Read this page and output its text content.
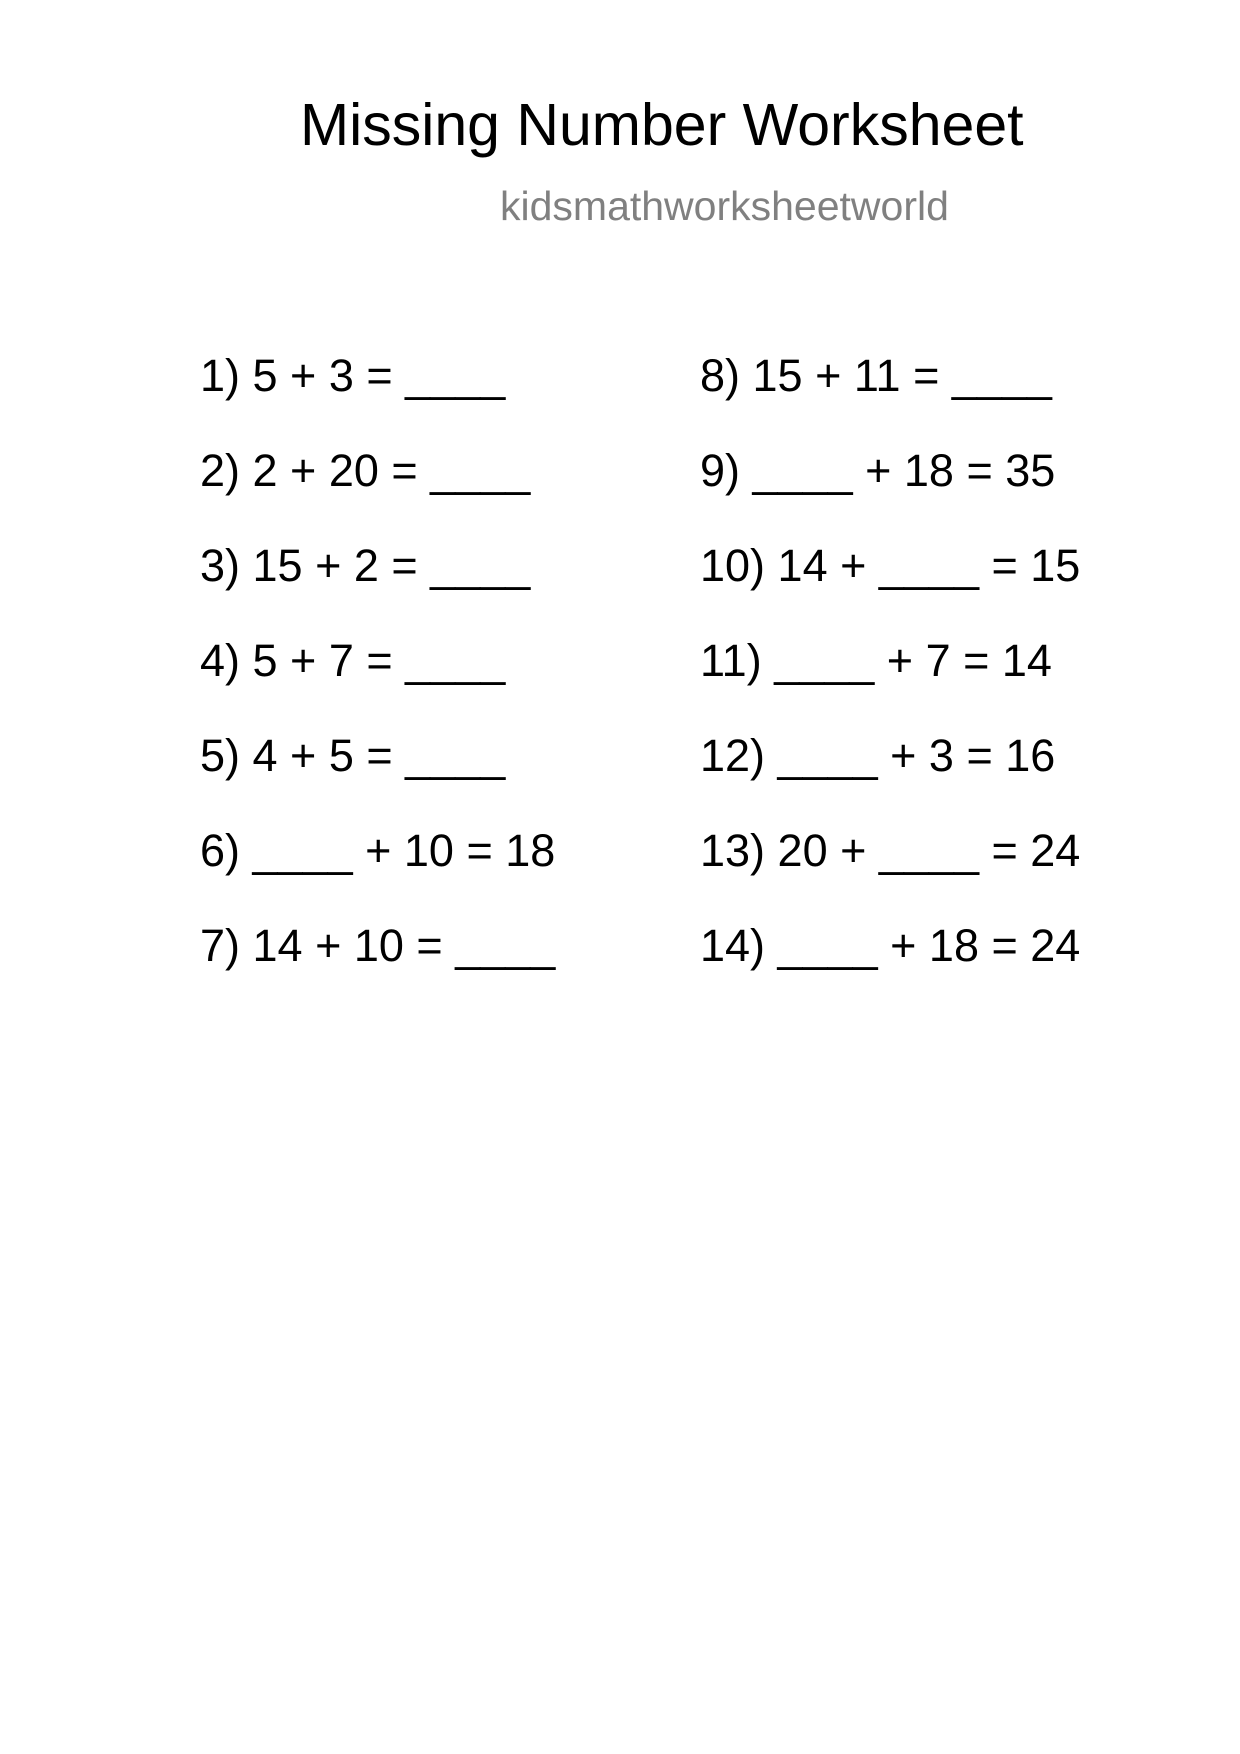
Missing Number Worksheet
kidsmathworksheetworld
1) 5 + 3 = ____
2) 2 + 20 = ____
3) 15 + 2 = ____
4) 5 + 7 = ____
5) 4 + 5 = ____
6) ____ + 10 = 18
7) 14 + 10 = ____
8) 15 + 11 = ____
9) ____ + 18 = 35
10) 14 + ____ = 15
11) ____ + 7 = 14
12) ____ + 3 = 16
13) 20 + ____ = 24
14) ____ + 18 = 24
